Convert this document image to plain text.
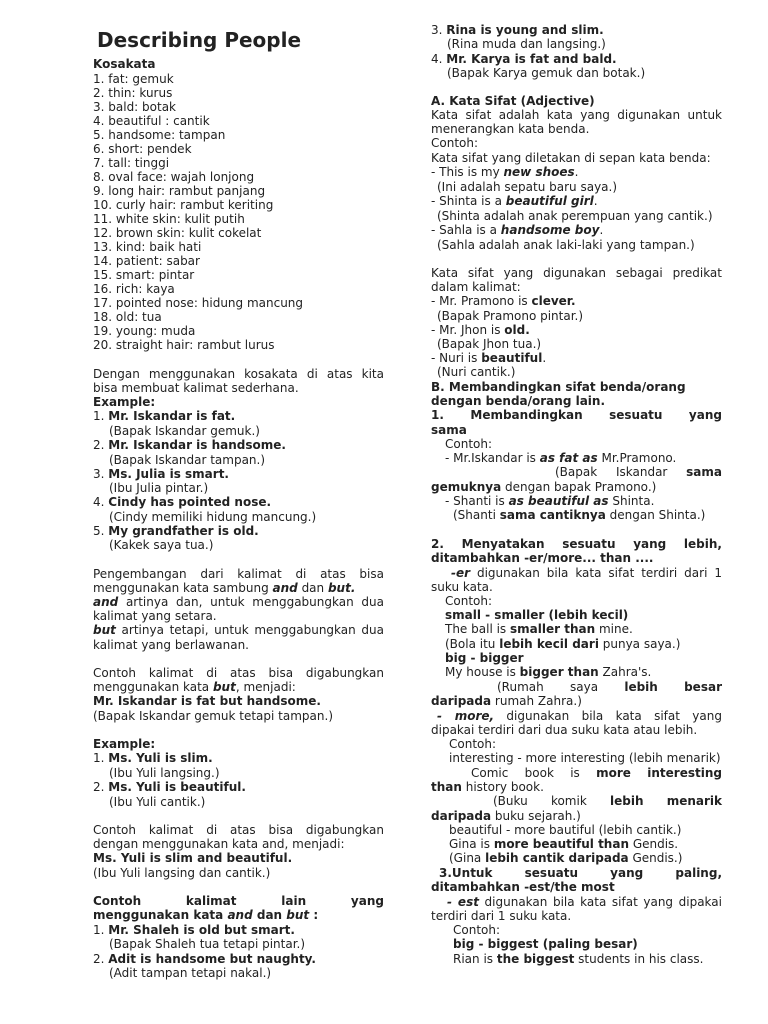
Describing People
Kosakata
1. fat: gemuk
2. thin: kurus
3. bald: botak
4. beautiful : cantik
5. handsome: tampan
6. short: pendek
7. tall: tinggi
8. oval face: wajah lonjong
9. long hair: rambut panjang
10. curly hair: rambut keriting
11. white skin: kulit putih
12. brown skin: kulit cokelat
13. kind: baik hati
14. patient: sabar
15. smart: pintar
16. rich: kaya
17. pointed nose: hidung mancung
18. old: tua
19. young: muda
20. straight hair: rambut lurus
Dengan menggunakan kosakata di atas kita
bisa membuat kalimat sederhana.
Example:
1. Mr. Iskandar is fat.
(Bapak Iskandar gemuk.)
2. Mr. Iskandar is handsome.
(Bapak Iskandar tampan.)
3. Ms. Julia is smart.
(Ibu Julia pintar.)
4. Cindy has pointed nose.
(Cindy memiliki hidung mancung.)
5. My grandfather is old.
(Kakek saya tua.)
Pengembangan dari kalimat di atas bisa
menggunakan kata sambung and dan but.
and artinya dan, untuk menggabungkan dua
kalimat yang setara.
but artinya tetapi, untuk menggabungkan dua
kalimat yang berlawanan.
Contoh kalimat di atas bisa digabungkan
menggunakan kata but, menjadi:
Mr. Iskandar is fat but handsome.
(Bapak Iskandar gemuk tetapi tampan.)
Example:
1. Ms. Yuli is slim.
(Ibu Yuli langsing.)
2. Ms. Yuli is beautiful.
(Ibu Yuli cantik.)
Contoh kalimat di atas bisa digabungkan
dengan menggunakan kata and, menjadi:
Ms. Yuli is slim and beautiful.
(Ibu Yuli langsing dan cantik.)
Contoh	kalimat	lain	yang
menggunakan kata and dan but :
1. Mr. Shaleh is old but smart.
(Bapak Shaleh tua tetapi pintar.)
2. Adit is handsome but naughty.
(Adit tampan tetapi nakal.)
3. Rina is young and slim.
(Rina muda dan langsing.)
4. Mr. Karya is fat and bald.
(Bapak Karya gemuk dan botak.)
A. Kata Sifat (Adjective)
Kata sifat adalah kata yang digunakan untuk
menerangkan kata benda.
Contoh:
Kata sifat yang diletakan di sepan kata benda:
- This is my new shoes.
(Ini adalah sepatu baru saya.)
- Shinta is a beautiful girl.
(Shinta adalah anak perempuan yang cantik.)
- Sahla is a handsome boy.
(Sahla adalah anak laki-laki yang tampan.)
Kata sifat yang digunakan sebagai predikat
dalam kalimat:
- Mr. Pramono is clever.
(Bapak Pramono pintar.)
- Mr. Jhon is old.
(Bapak Jhon tua.)
- Nuri is beautiful.
(Nuri cantik.)
B. Membandingkan sifat benda/orang
dengan benda/orang lain.
1. Membandingkan sesuatu yang
sama
Contoh:
- Mr.Iskandar is as fat as Mr.Pramono.
(Bapak Iskandar sama
gemuknya dengan bapak Pramono.)
- Shanti is as beautiful as Shinta.
(Shanti sama cantiknya dengan Shinta.)
2. Menyatakan sesuatu yang lebih,
ditambahkan -er/more... than ....
-er digunakan bila kata sifat terdiri dari 1
suku kata.
Contoh:
small - smaller (lebih kecil)
The ball is smaller than mine.
(Bola itu lebih kecil dari punya saya.)
big - bigger
My house is bigger than Zahra's.
(Rumah saya lebih besar
daripada rumah Zahra.)
- more, digunakan bila kata sifat yang
dipakai terdiri dari dua suku kata atau lebih.
Contoh:
interesting - more interesting (lebih menarik)
Comic book is more interesting
than history book.
(Buku komik lebih menarik
daripada buku sejarah.)
beautiful - more bautiful (lebih cantik.)
Gina is more beautiful than Gendis.
(Gina lebih cantik daripada Gendis.)
3.Untuk	sesuatu	yang	paling,
ditambahkan -est/the most
- est digunakan bila kata sifat yang dipakai
terdiri dari 1 suku kata.
Contoh:
big - biggest (paling besar)
Rian is the biggest students in his class.
